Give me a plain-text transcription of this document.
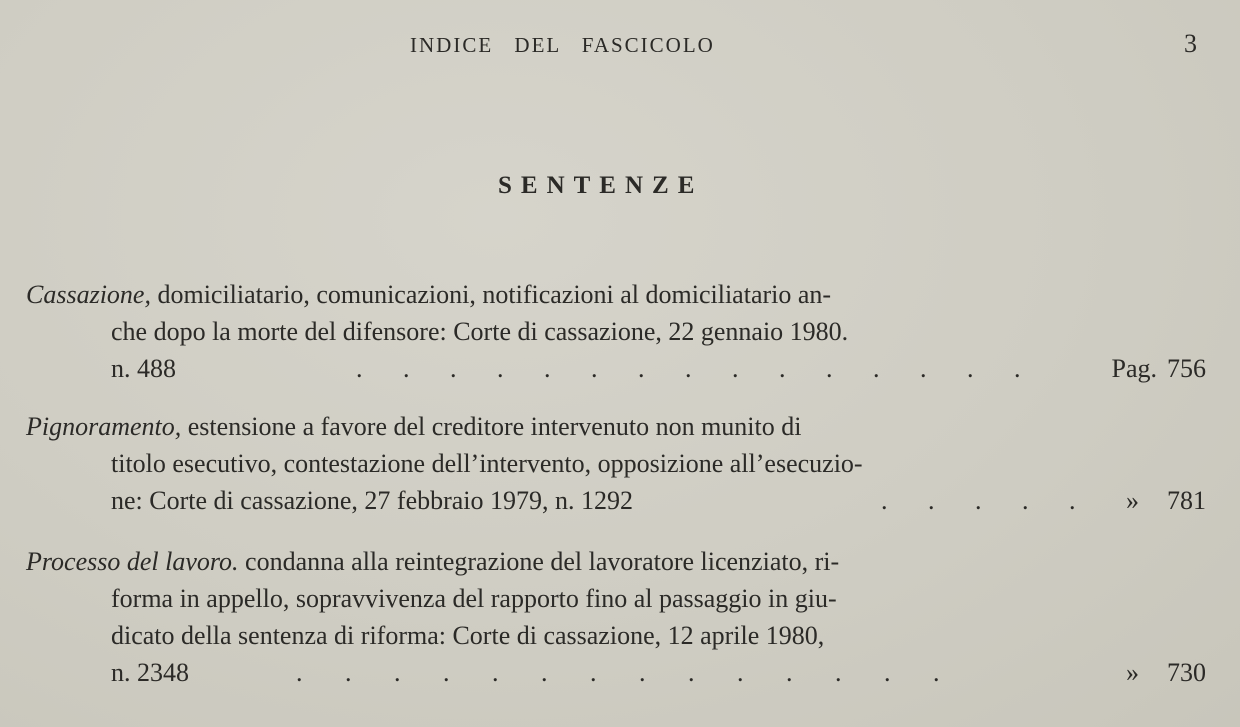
INDICE DEL FASCICOLO	3
SENTENZE
Cassazione, domiciliatario, comunicazioni, notificazioni al domiciliatario an-
che dopo la morte del difensore: Corte di cassazione, 22 gennaio 1980.
n. 488	. . . . . . . . . . . . . . .	Pag. 756
Pignoramento, estensione a favore del creditore intervenuto non munito di
titolo esecutivo, contestazione dell’intervento, opposizione all’esecuzio-
ne: Corte di cassazione, 27 febbraio 1979, n. 1292	. . . . .	» 781
Processo del lavoro. condanna alla reintegrazione del lavoratore licenziato, ri-
forma in appello, sopravvivenza del rapporto fino al passaggio in giu-
dicato della sentenza di riforma: Corte di cassazione, 12 aprile 1980,
n. 2348	. . . . . . . . . . . . . .	» 730
